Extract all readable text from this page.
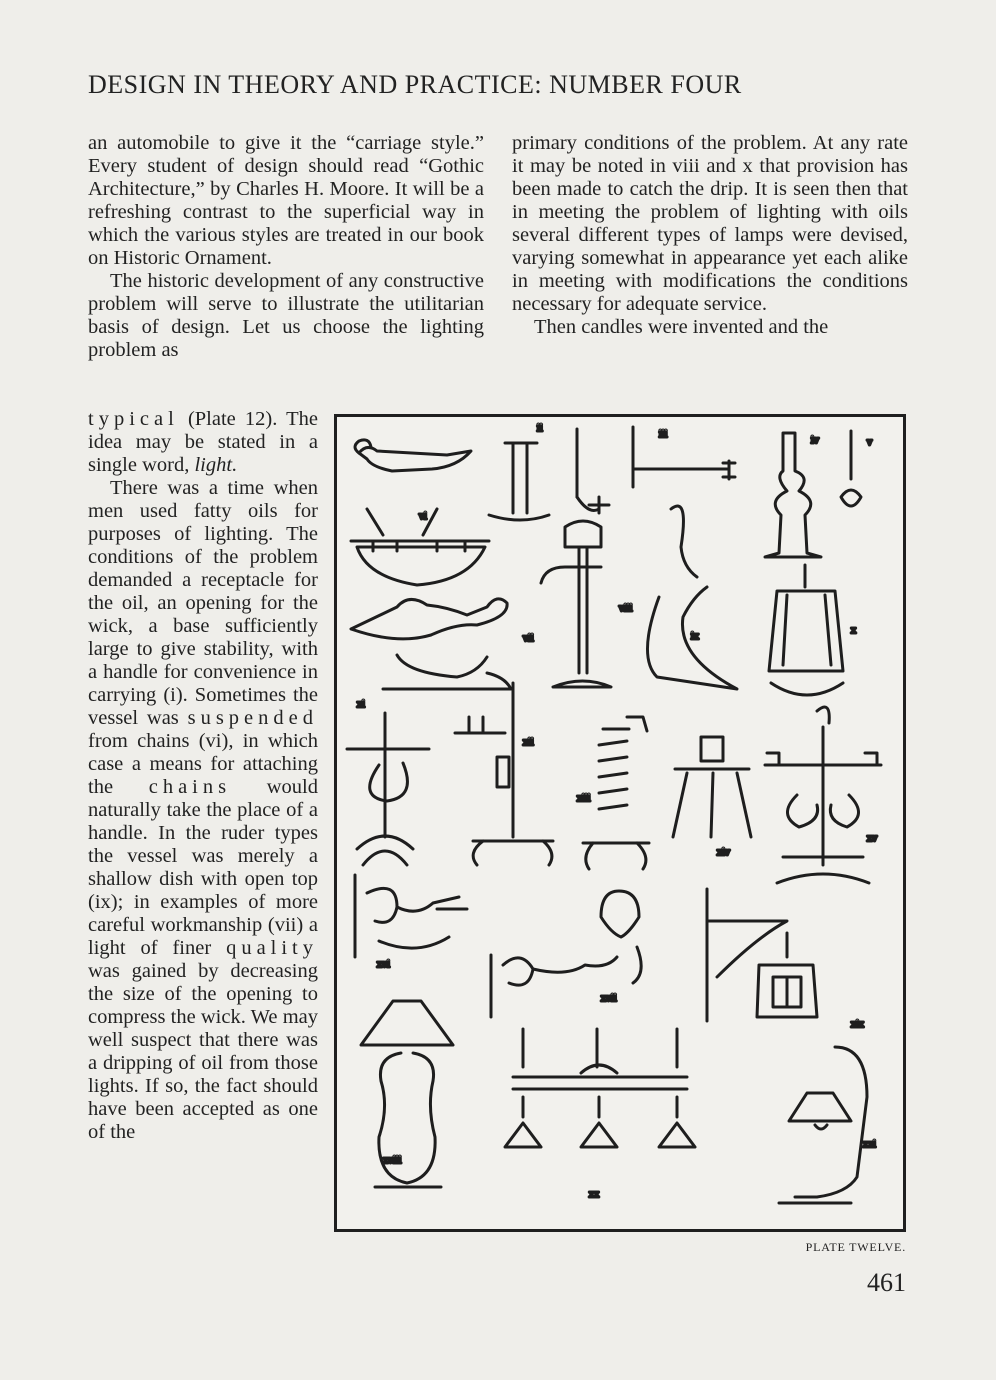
DESIGN IN THEORY AND PRACTICE: NUMBER FOUR

an automobile to give it the “carriage style.” Every student of design should read “Gothic Architecture,” by Charles H. Moore. It will be a refreshing contrast to the superficial way in which the various styles are treated in our book on Historic Ornament.

The historic development of any constructive problem will serve to illustrate the utilitarian basis of design. Let us choose the lighting problem as

typical (Plate 12). The idea may be stated in a single word, light.

There was a time when men used fatty oils for purposes of lighting. The conditions of the problem demanded a receptacle for the oil, an opening for the wick, a base sufficiently large to give stability, with a handle for convenience in carrying (i). Sometimes the vessel was suspended from chains (vi), in which case a means for attaching the chains would naturally take the place of a handle. In the ruder types the vessel was merely a shallow dish with open top (ix); in examples of more careful workmanship (vii) a light of finer quality was gained by decreasing the size of the opening to compress the wick. We may well suspect that there was a dripping of oil from those lights. If so, the fact should have been accepted as one of the

primary conditions of the problem. At any rate it may be noted in viii and x that provision has been made to catch the drip. It is seen then that in meeting the problem of lighting with oils several different types of lamps were devised, varying somewhat in appearance yet each alike in meeting with modifications the conditions necessary for adequate service.

Then candles were invented and the

ii
iii
iv	v
vi
vii
viii
ix
x
xi
xii
xiii
xiv
xv
xvi
xvii
xviii
xix
xx
xxi
PLATE TWELVE.
461
